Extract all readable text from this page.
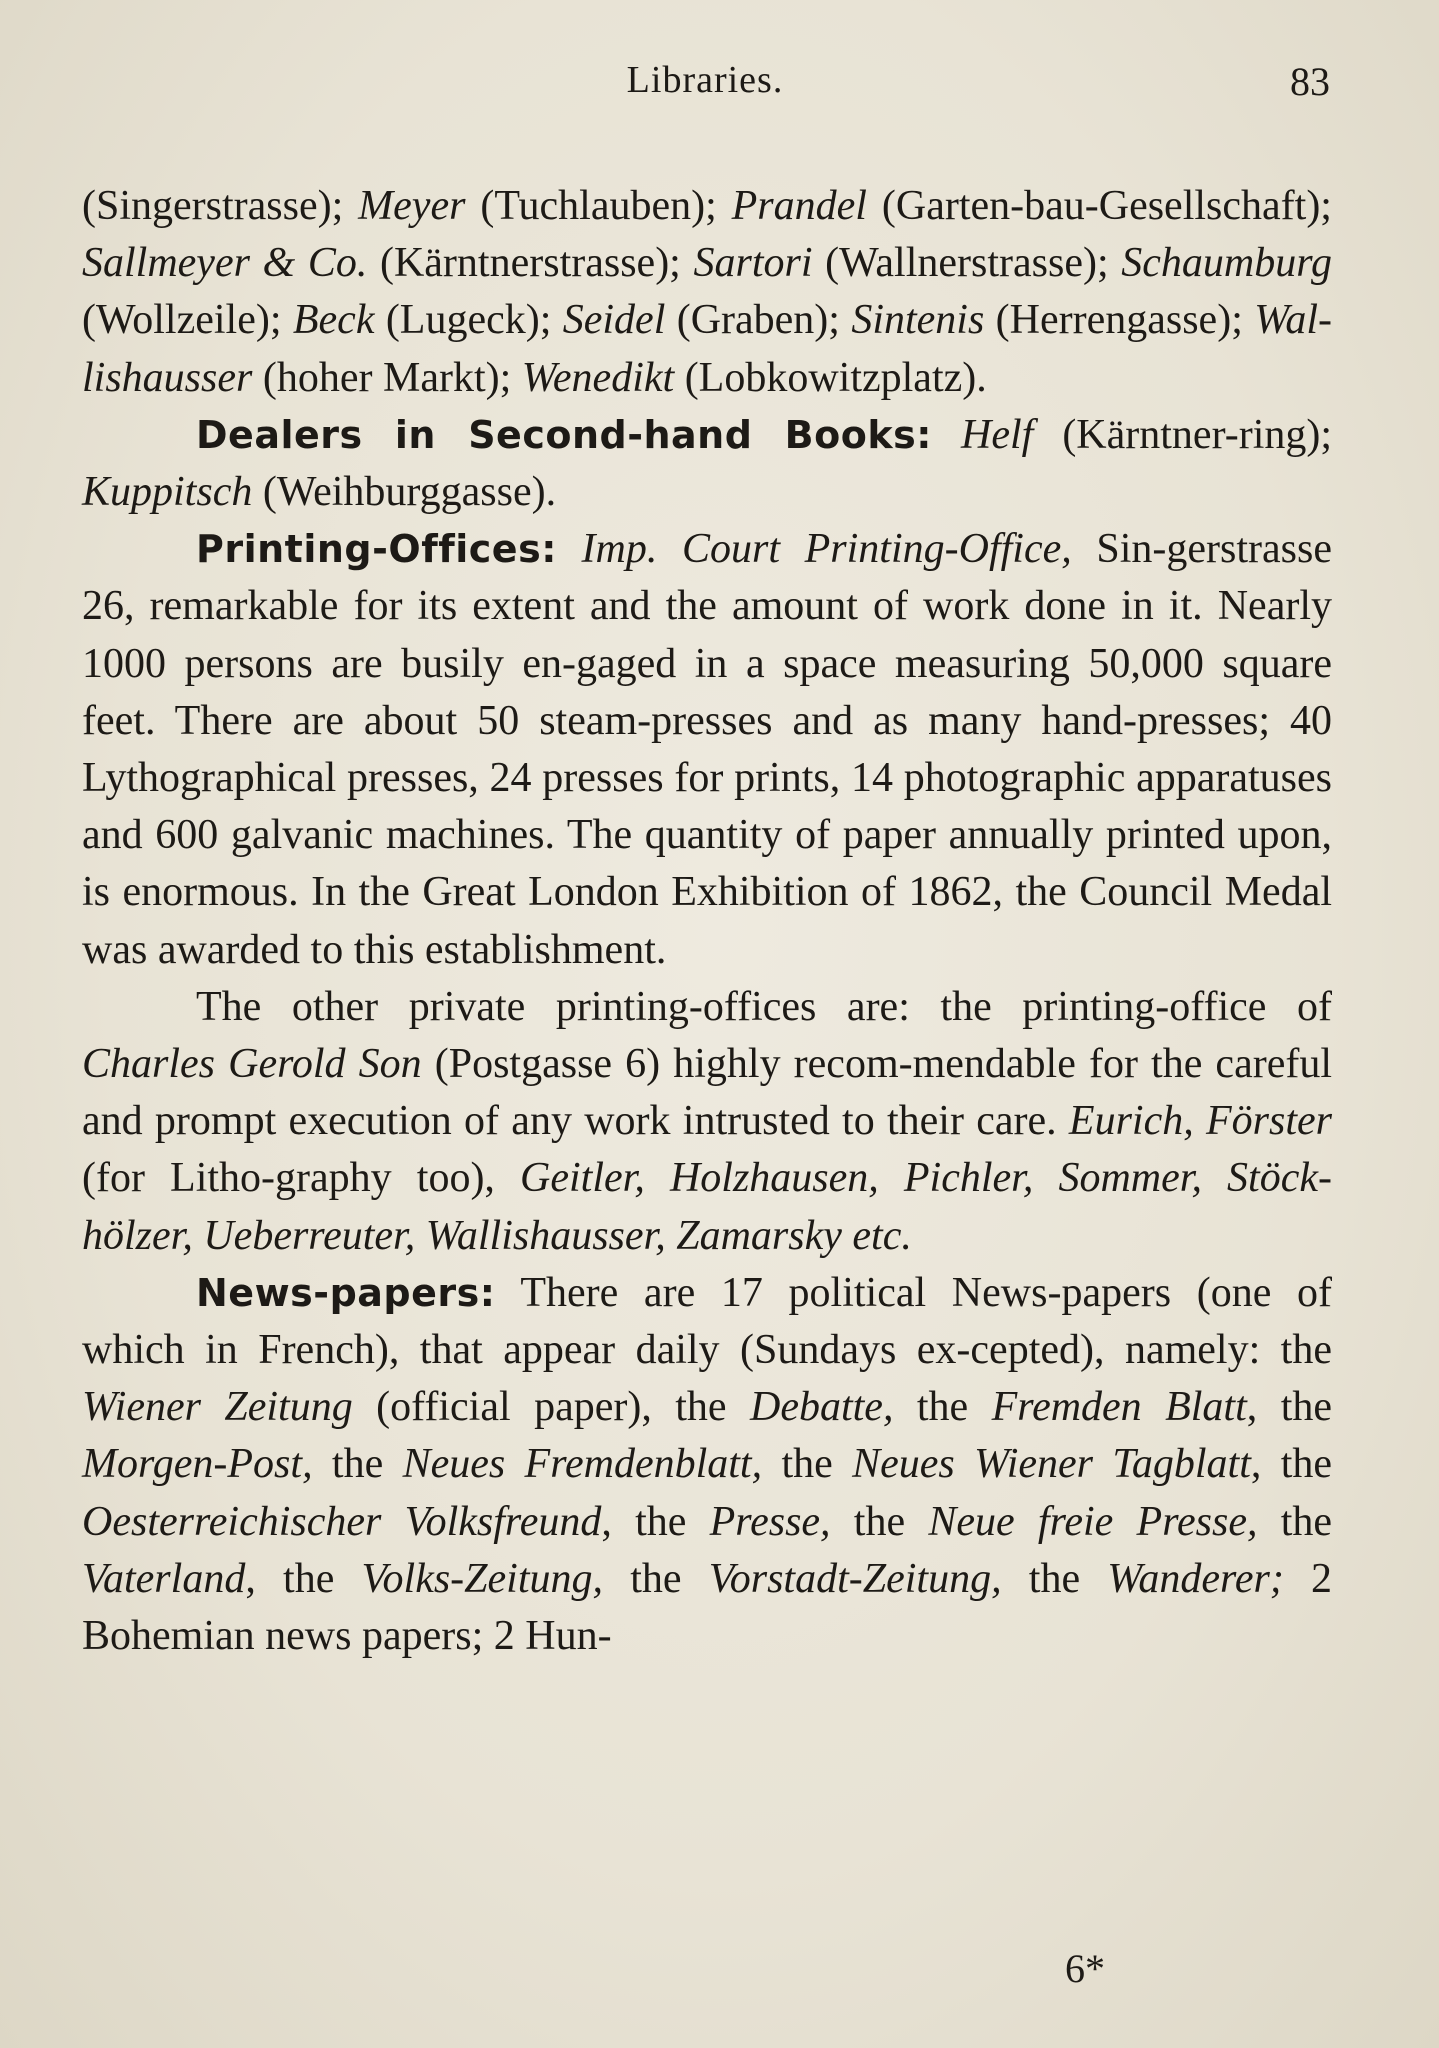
Libraries.	83

(Singerstrasse); Meyer (Tuchlauben); Prandel (Garten-bau-Gesellschaft); Sallmeyer & Co. (Kärntnerstrasse); Sartori (Wallnerstrasse); Schaumburg (Wollzeile); Beck (Lugeck); Seidel (Graben); Sintenis (Herrengasse); Wal-lishausser (hoher Markt); Wenedikt (Lobkowitzplatz).

Dealers in Second-hand Books: Helf (Kärntner-ring); Kuppitsch (Weihburggasse).

Printing-Offices: Imp. Court Printing-Office, Sin-gerstrasse 26, remarkable for its extent and the amount of work done in it. Nearly 1000 persons are busily en-gaged in a space measuring 50,000 square feet. There are about 50 steam-presses and as many hand-presses; 40 Lythographical presses, 24 presses for prints, 14 photographic apparatuses and 600 galvanic machines. The quantity of paper annually printed upon, is enormous. In the Great London Exhibition of 1862, the Council Medal was awarded to this establishment.

The other private printing-offices are: the printing-office of Charles Gerold Son (Postgasse 6) highly recom-mendable for the careful and prompt execution of any work intrusted to their care. Eurich, Förster (for Litho-graphy too), Geitler, Holzhausen, Pichler, Sommer, Stöck-hölzer, Ueberreuter, Wallishausser, Zamarsky etc.

News-papers: There are 17 political News-papers (one of which in French), that appear daily (Sundays ex-cepted), namely: the Wiener Zeitung (official paper), the Debatte, the Fremden Blatt, the Morgen-Post, the Neues Fremdenblatt, the Neues Wiener Tagblatt, the Oesterreichischer Volksfreund, the Presse, the Neue freie Presse, the Vaterland, the Volks-Zeitung, the Vorstadt-Zeitung, the Wanderer; 2 Bohemian news papers; 2 Hun-

6*
